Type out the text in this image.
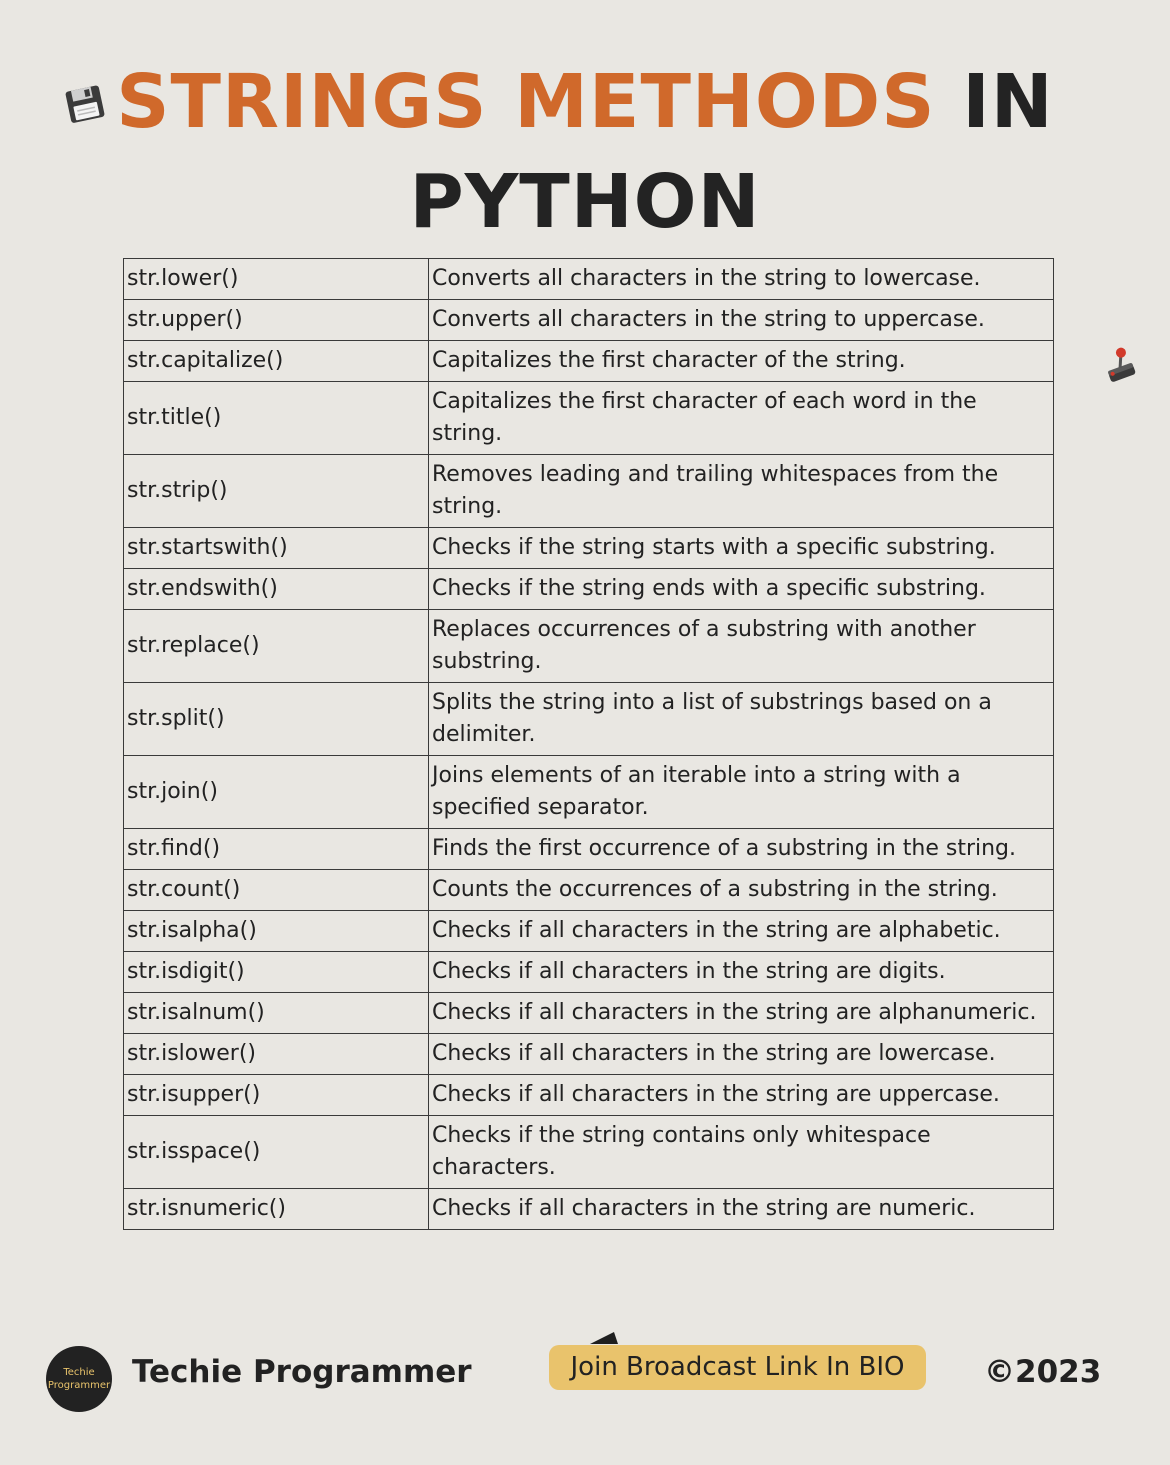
STRINGS METHODS IN
PYTHON
str.lower()	Converts all characters in the string to lowercase.
str.upper()	Converts all characters in the string to uppercase.
str.capitalize()	Capitalizes the first character of the string.
str.title()	Capitalizes the first character of each word in the string.
str.strip()	Removes leading and trailing whitespaces from the string.
str.startswith()	Checks if the string starts with a specific substring.
str.endswith()	Checks if the string ends with a specific substring.
str.replace()	Replaces occurrences of a substring with another substring.
str.split()	Splits the string into a list of substrings based on a delimiter.
str.join()	Joins elements of an iterable into a string with a specified separator.
str.find()	Finds the first occurrence of a substring in the string.
str.count()	Counts the occurrences of a substring in the string.
str.isalpha()	Checks if all characters in the string are alphabetic.
str.isdigit()	Checks if all characters in the string are digits.
str.isalnum()	Checks if all characters in the string are alphanumeric.
str.islower()	Checks if all characters in the string are lowercase.
str.isupper()	Checks if all characters in the string are uppercase.
str.isspace()	Checks if the string contains only whitespace characters.
str.isnumeric()	Checks if all characters in the string are numeric.
Techie
Programmer Techie Programmer	Join Broadcast Link In BIO	©2023
